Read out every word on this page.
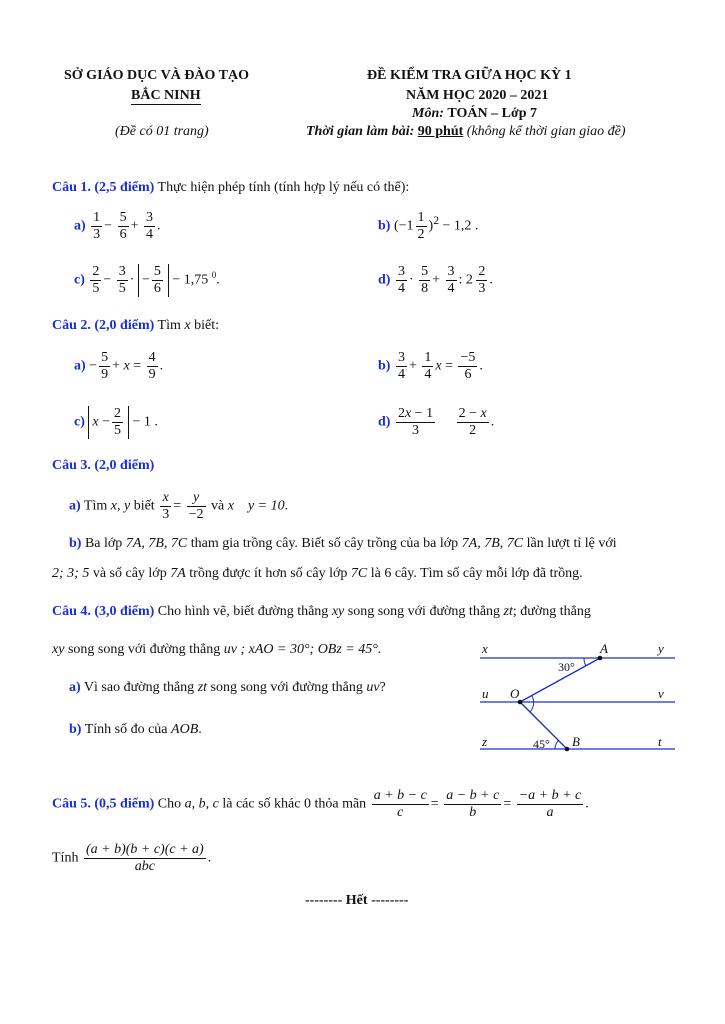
SỞ GIÁO DỤC VÀ ĐÀO TẠO
BẮC NINH
(Đề có 01 trang)
ĐỀ KIỂM TRA GIỮA HỌC KỲ 1
NĂM HỌC 2020 – 2021
Môn: TOÁN – Lớp 7
Thời gian làm bài: 90 phút (không kể thời gian giao đề)
Câu 1. (2,5 điểm) Thực hiện phép tính (tính hợp lý nếu có thể):
$a) \frac{1}{3} - \frac{5}{6} + \frac{3}{4}$ .	b) $(-1 \frac{1}{2} )^2 - 1,2$ .
$c) \frac{2}{5} - \frac{3}{5}$ · − $\frac{5}{6} - 1,75$ $^0$.	$d) \frac{3}{4} \cdot \frac{5}{8} + \frac{3}{4}$ : $2 \frac{2}{3}$ .
Câu 2. (2,0 điểm) Tìm x biết:
$a) - \frac{5}{9} + x = \frac{4}{9}$ .	$b) \frac{3}{4} + \frac{1}{4}$ $x = \frac{-5}{6}$ .
c) $x - \frac{2}{5} - 1$ .	$d) \frac{2x - 1}{3}$
$\frac{2 - x}{2}$ .
Câu 3. (2,0 điểm)
a) Tìm x, y biết $\frac{x}{3} = \frac{y}{-2}$ và x    y = 10.
b) Ba lớp 7A, 7B, 7C tham gia trồng cây. Biết số cây trồng của ba lớp 7A, 7B, 7C lần lượt tỉ lệ với
2; 3; 5 và số cây lớp 7A trồng được ít hơn số cây lớp 7C là 6 cây. Tìm số cây mỗi lớp đã trồng.
Câu 4. (3,0 điểm) Cho hình vẽ, biết đường thẳng xy song song với đường thẳng zt; đường thẳng
xy song song với đường thẳng uv ; xAO = 30°; OBz = 45°.
a) Vì sao đường thẳng zt song song với đường thẳng uv?
b) Tính số đo của AOB.
x	y
u	v
z	t
A
O
B
30°
45°
Câu 5. (0,5 điểm) Cho a, b, c là các số khác 0 thỏa mãn $\frac{a + b - c}{c} = \frac{a - b + c}{b} = \frac{-a + b + c}{a}$ .
Tính $\frac{(a + b)(b + c)(c + a)}{\text{abc}}$ .
-------- Hết --------
